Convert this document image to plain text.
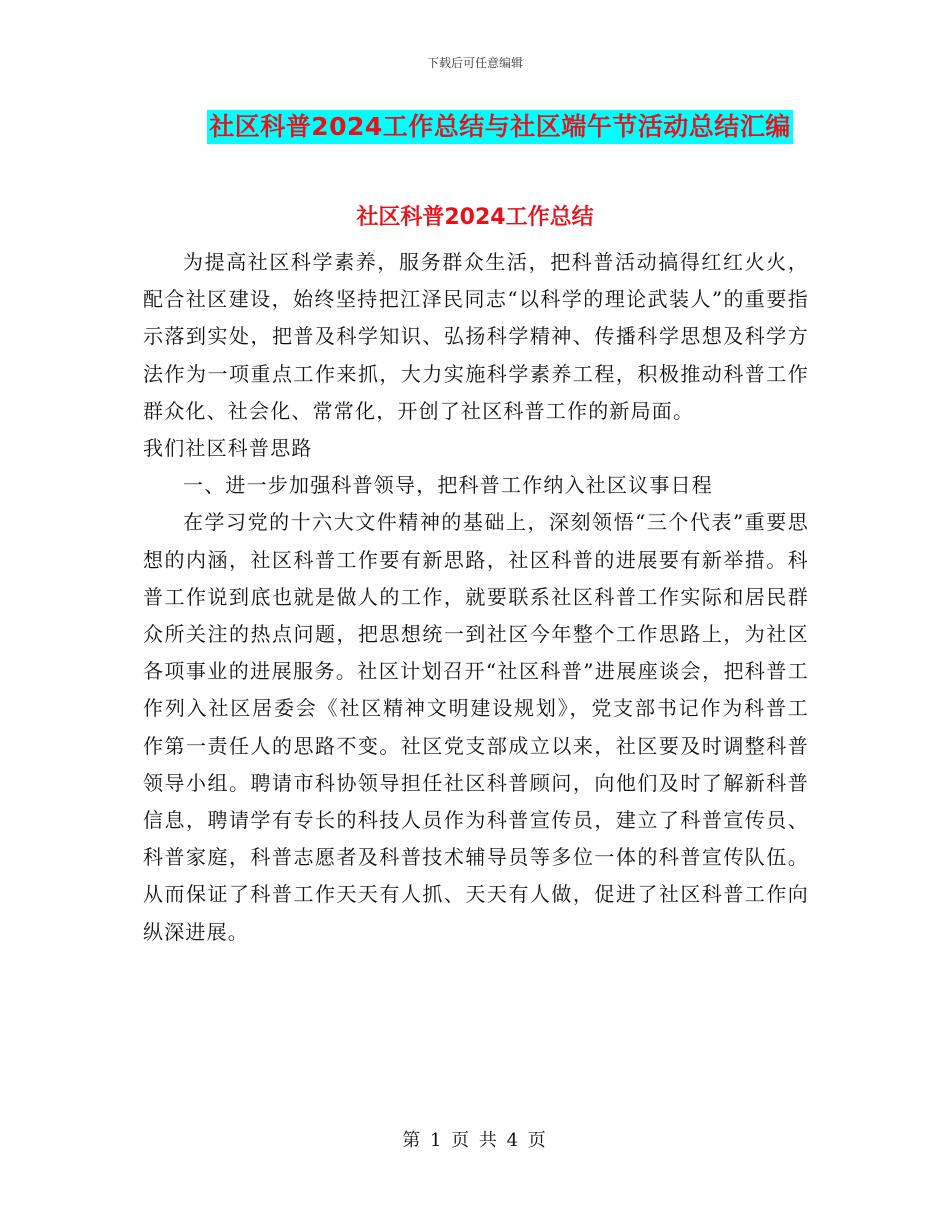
下载后可任意编辑
社区科普2024工作总结与社区端午节活动总结汇编
社区科普2024工作总结

为提高社区科学素养，服务群众生活，把科普活动搞得红红火火，配合社区建设，始终坚持把江泽民同志“以科学的理论武装人”的重要指示落到实处，把普及科学知识、弘扬科学精神、传播科学思想及科学方法作为一项重点工作来抓，大力实施科学素养工程，积极推动科普工作群众化、社会化、常常化，开创了社区科普工作的新局面。

我们社区科普思路

一、进一步加强科普领导，把科普工作纳入社区议事日程

在学习党的十六大文件精神的基础上，深刻领悟“三个代表”重要思想的内涵，社区科普工作要有新思路，社区科普的进展要有新举措。科普工作说到底也就是做人的工作，就要联系社区科普工作实际和居民群众所关注的热点问题，把思想统一到社区今年整个工作思路上，为社区各项事业的进展服务。社区计划召开“社区科普”进展座谈会，把科普工作列入社区居委会《社区精神文明建设规划》，党支部书记作为科普工作第一责任人的思路不变。社区党支部成立以来，社区要及时调整科普领导小组。聘请市科协领导担任社区科普顾问，向他们及时了解新科普信息，聘请学有专长的科技人员作为科普宣传员，建立了科普宣传员、科普家庭，科普志愿者及科普技术辅导员等多位一体的科普宣传队伍。从而保证了科普工作天天有人抓、天天有人做，促进了社区科普工作向纵深进展。

第 1 页 共 4 页
